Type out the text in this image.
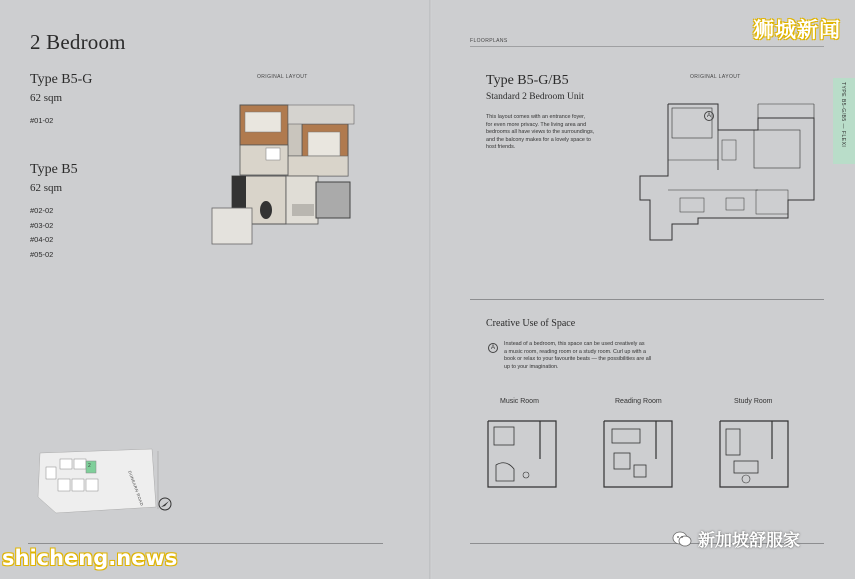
2 Bedroom
Type B5-G
62 sqm
#01-02
Type B5
62 sqm
#02-02
#03-02
#04-02
#05-02
ORIGINAL LAYOUT
2
DUNEARN ROAD
FLOORPLANS
Type B5-G/B5
Standard 2 Bedroom Unit
This layout comes with an entrance foyer,
for even more privacy. The living area and
bedrooms all have views to the surroundings,
and the balcony makes for a lovely space to
host friends.
ORIGINAL LAYOUT
A	TYPE B5-G/B5 — FLEXI
Creative Use of Space
A
Instead of a bedroom, this space can be used creatively as
a music room, reading room or a study room. Curl up with a
book or relax to your favourite beats — the possibilities are all
up to your imagination.
Music Room	Reading Room	Study Room
狮城新闻
shicheng.news
新加坡舒服家
